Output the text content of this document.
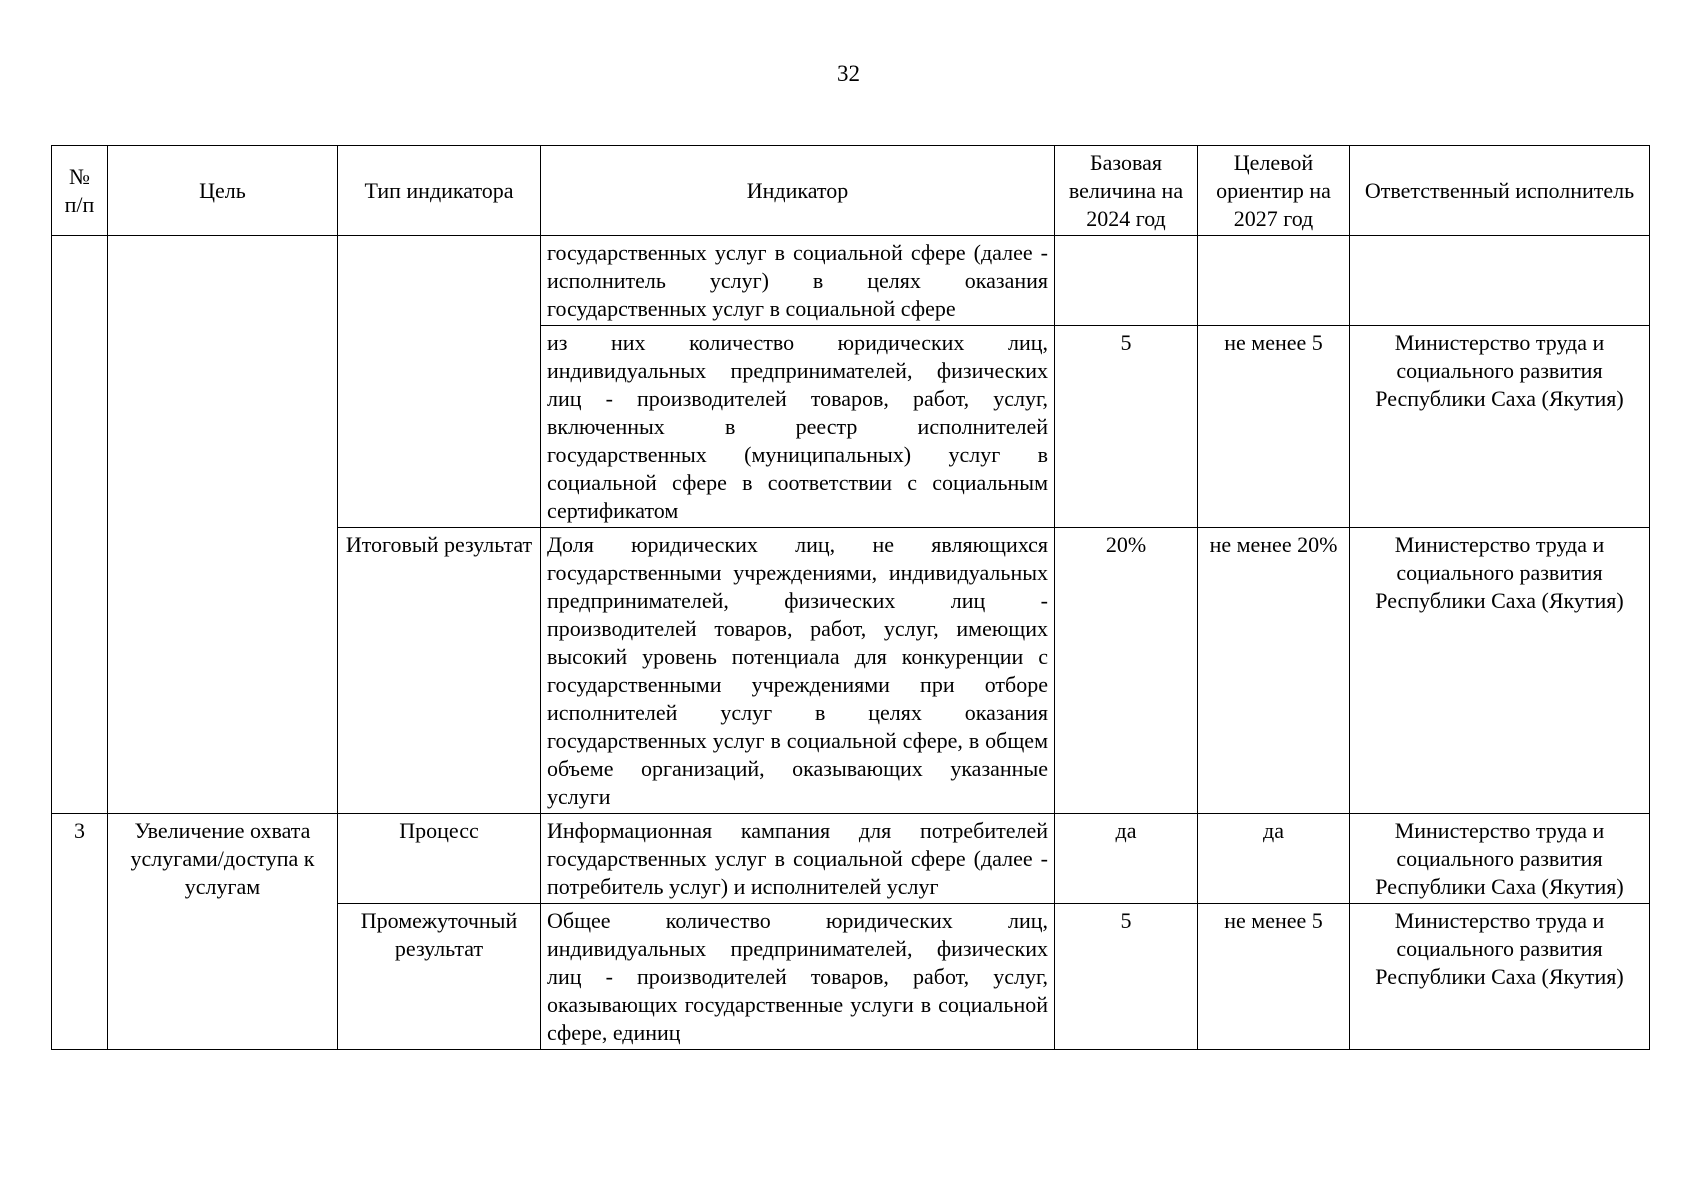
32
№ п/п	Цель	Тип индикатора	Индикатор	Базовая величина на 2024 год	Целевой ориентир на 2027 год	Ответственный исполнитель
			государственных услуг в социальной сфере (далее - исполнитель услуг) в целях оказания государственных услуг в социальной сфере			
			из них количество юридических лиц, индивидуальных предпринимателей, физических лиц - производителей товаров, работ, услуг, включенных в реестр исполнителей государственных (муниципальных) услуг в социальной сфере в соответствии с социальным сертификатом	5	не менее 5	Министерство труда и социального развития Республики Саха (Якутия)
		Итоговый результат	Доля юридических лиц, не являющихся государственными учреждениями, индивидуальных предпринимателей, физических лиц - производителей товаров, работ, услуг, имеющих высокий уровень потенциала для конкуренции с государственными учреждениями при отборе исполнителей услуг в целях оказания государственных услуг в социальной сфере, в общем объеме организаций, оказывающих указанные услуги	20%	не менее 20%	Министерство труда и социального развития Республики Саха (Якутия)
3	Увеличение охвата услугами/доступа к услугам	Процесс	Информационная кампания для потребителей государственных услуг в социальной сфере (далее - потребитель услуг) и исполнителей услуг	да	да	Министерство труда и социального развития Республики Саха (Якутия)
		Промежуточный результат	Общее количество юридических лиц, индивидуальных предпринимателей, физических лиц - производителей товаров, работ, услуг, оказывающих государственные услуги в социальной сфере, единиц	5	не менее 5	Министерство труда и социального развития Республики Саха (Якутия)
